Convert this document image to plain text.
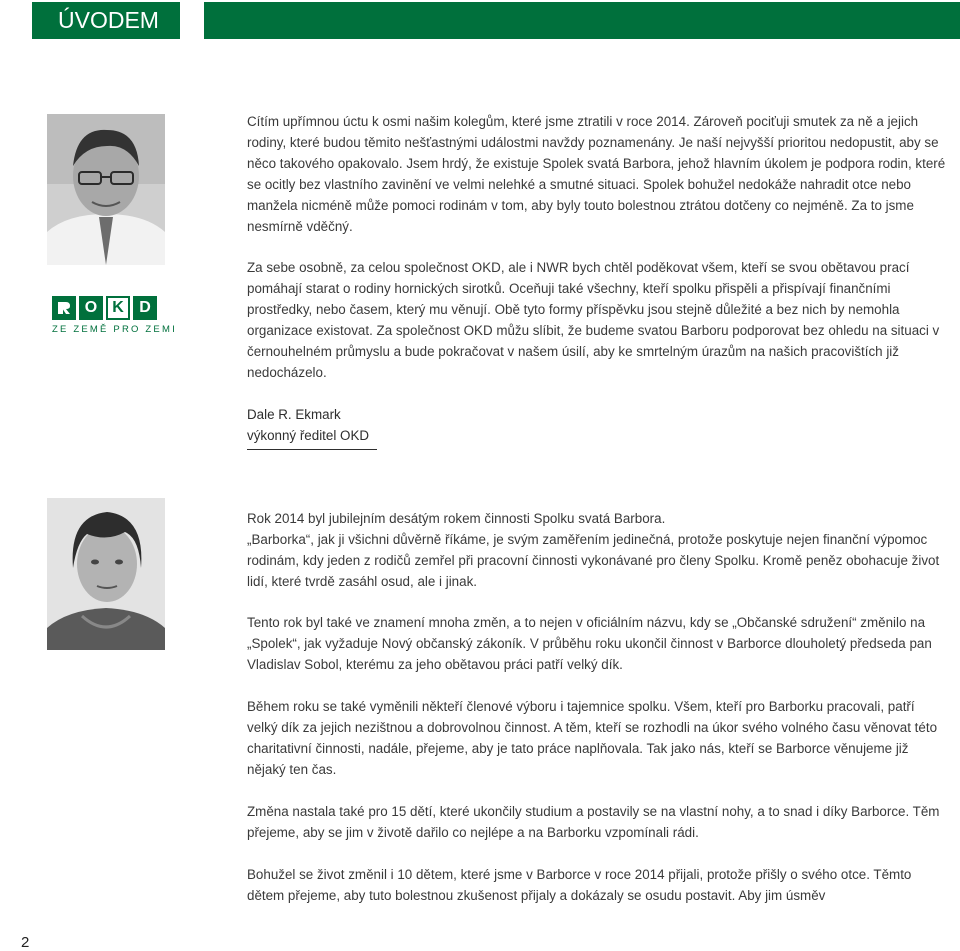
ÚVODEM
O K D
ZE ZEMĚ PRO ZEMI

Cítím upřímnou úctu k osmi našim kolegům, které jsme ztratili v roce 2014. Zároveň pociťuji smutek za ně a jejich rodiny, které budou těmito nešťastnými událostmi navždy poznamenány. Je naší nejvyšší prioritou nedopustit, aby se něco takového opakovalo. Jsem hrdý, že existuje Spolek svatá Barbora, jehož hlavním úkolem je podpora rodin, které se ocitly bez vlastního zavinění ve velmi nelehké a smutné situaci. Spolek bohužel nedokáže nahradit otce nebo manžela nicméně může pomoci rodinám v tom, aby byly touto bolestnou ztrátou dotčeny co nejméně. Za to jsme nesmírně vděčný.

Za sebe osobně, za celou společnost OKD, ale i NWR bych chtěl poděkovat všem, kteří se svou obětavou prací pomáhají starat o rodiny hornických sirotků. Oceňuji také všechny, kteří spolku přispěli a přispívají finančními prostředky, nebo časem, který mu věnují. Obě tyto formy příspěvku jsou stejně důležité a bez nich by nemohla organizace existovat. Za společnost OKD můžu slíbit, že budeme svatou Barboru podporovat bez ohledu na situaci v černouhelném průmyslu a bude pokračovat v našem úsilí, aby ke smrtelným úrazům na našich pracovištích již nedocházelo.

Dale R. Ekmark
výkonný ředitel OKD

Rok 2014 byl jubilejním desátým rokem činnosti Spolku svatá Barbora.

„Barborka“, jak ji všichni důvěrně říkáme, je svým zaměřením jedinečná, protože poskytuje nejen finanční výpomoc rodinám, kdy jeden z rodičů zemřel při pracovní činnosti vykonávané pro členy Spolku. Kromě peněz obohacuje život lidí, které tvrdě zasáhl osud, ale i jinak.

Tento rok byl také ve znamení mnoha změn, a to nejen v oficiálním názvu, kdy se „Občanské sdružení“ změnilo na „Spolek“, jak vyžaduje Nový občanský zákoník. V průběhu roku ukončil činnost v Barborce dlouholetý předseda pan Vladislav Sobol, kterému za jeho obětavou práci patří velký dík.

Během roku se také vyměnili někteří členové výboru i tajemnice spolku. Všem, kteří pro Barborku pracovali, patří velký dík za jejich nezištnou a dobrovolnou činnost. A těm, kteří se rozhodli na úkor svého volného času věnovat této charitativní činnosti, nadále, přejeme, aby je tato práce naplňovala. Tak jako nás, kteří se Barborce věnujeme již nějaký ten čas.

Změna nastala také pro 15 dětí, které ukončily studium a postavily se na vlastní nohy, a to snad i díky Barborce. Těm přejeme, aby se jim v životě dařilo co nejlépe a na Barborku vzpomínali rádi.

Bohužel se život změnil i 10 dětem, které jsme v Barborce v roce 2014 přijali, protože přišly o svého otce. Těmto dětem přejeme, aby tuto bolestnou zkušenost přijaly a dokázaly se osudu postavit. Aby jim úsměv

2
